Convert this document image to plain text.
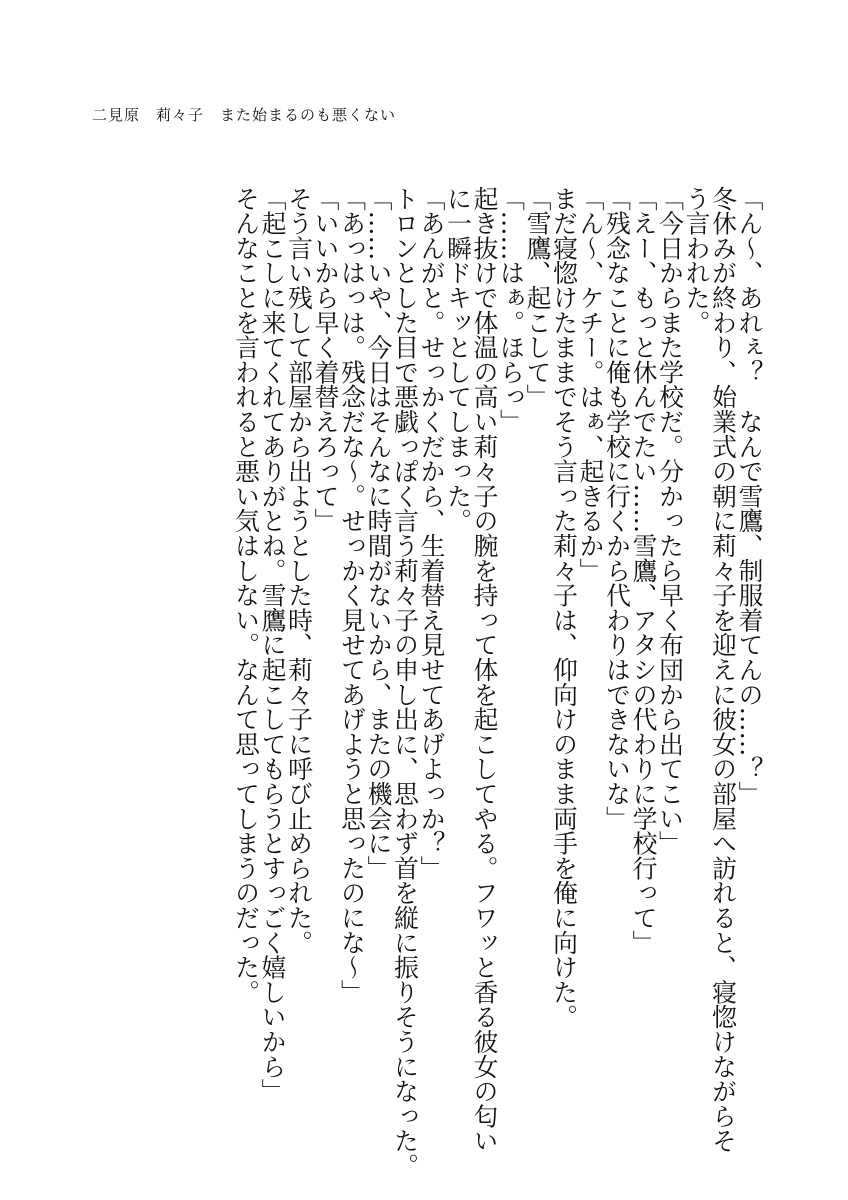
二見原　莉々子　また始まるのも悪くない
「ん〜、あれぇ？　なんで雪鷹、制服着てんの……？」
冬休みが終わり、始業式の朝に莉々子を迎えに彼女の部屋へ訪れると、寝惚けながらそ
う言われた。
「今日からまた学校だ。分かったら早く布団から出てこい」
「えー、もっと休んでたい……雪鷹、アタシの代わりに学校行って」
「残念なことに俺も学校に行くから代わりはできないな」
「ん〜、ケチー。はぁ、起きるか」
まだ寝惚けたままでそう言った莉々子は、仰向けのまま両手を俺に向けた。
「雪鷹、起こして」
「……はぁ。ほらっ」
起き抜けで体温の高い莉々子の腕を持って体を起こしてやる。フワッと香る彼女の匂い
に一瞬ドキッとしてしまった。
「あんがと。せっかくだから、生着替え見せてあげよっか？」
トロンとした目で悪戯っぽく言う莉々子の申し出に、思わず首を縦に振りそうになった。
「……いや、今日はそんなに時間がないから、またの機会に」
「あっはっは。残念だな〜。せっかく見せてあげようと思ったのにな〜」
「いいから早く着替えろって」
そう言い残して部屋から出ようとした時、莉々子に呼び止められた。
「起こしに来てくれてありがとね。雪鷹に起こしてもらうとすっごく嬉しいから」
そんなことを言われると悪い気はしない。なんて思ってしまうのだった。
